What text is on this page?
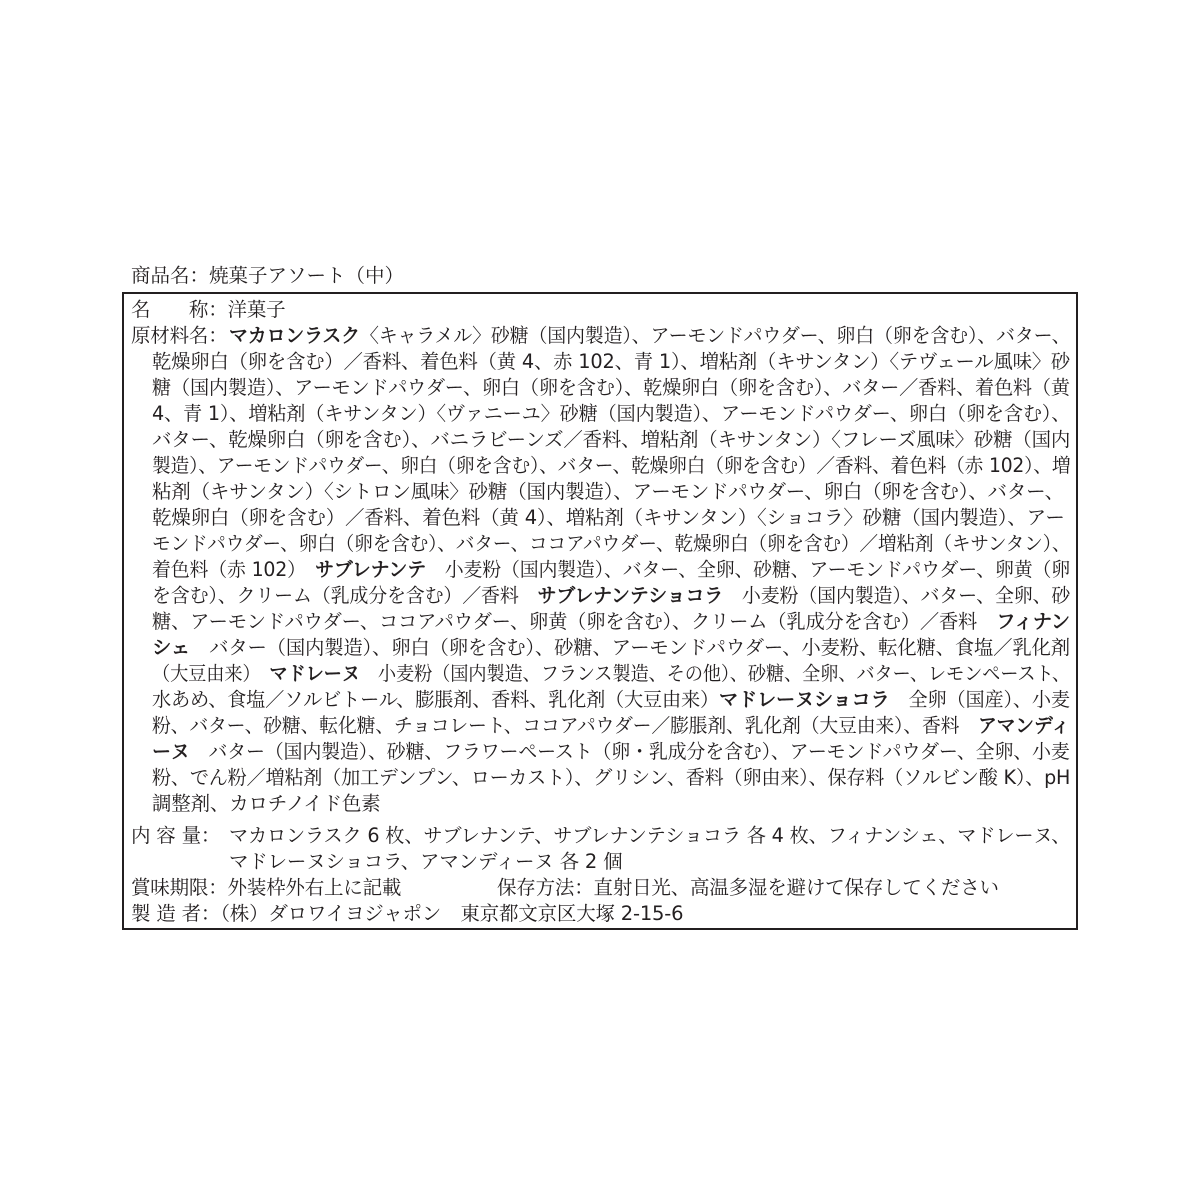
商品名：焼菓子アソート（中）
名　　称：洋菓子
原材料名： マカロンラスク〈キャラメル〉砂糖（国内製造）、アーモンドパウダー、卵白（卵を含む）、バター、
乾燥卵白（卵を含む）／香料、着色料（黄 4、赤 102、青 1）、増粘剤（キサンタン）〈テヴェール風味〉砂
糖（国内製造）、アーモンドパウダー、卵白（卵を含む）、乾燥卵白（卵を含む）、バター／香料、着色料（黄
4、青 1）、増粘剤（キサンタン）〈ヴァニーユ〉砂糖（国内製造）、アーモンドパウダー、卵白（卵を含む）、
バター、乾燥卵白（卵を含む）、バニラビーンズ／香料、増粘剤（キサンタン）〈フレーズ風味〉砂糖（国内
製造）、アーモンドパウダー、卵白（卵を含む）、バター、乾燥卵白（卵を含む）／香料、着色料（赤 102）、増
粘剤（キサンタン）〈シトロン風味〉砂糖（国内製造）、アーモンドパウダー、卵白（卵を含む）、バター、
乾燥卵白（卵を含む）／香料、着色料（黄 4）、増粘剤（キサンタン）〈ショコラ〉砂糖（国内製造）、アー
モンドパウダー、卵白（卵を含む）、バター、ココアパウダー、乾燥卵白（卵を含む）／増粘剤（キサンタン）、
着色料（赤 102）　サブレナンテ　小麦粉（国内製造）、バター、全卵、砂糖、アーモンドパウダー、卵黄（卵
を含む）、クリーム（乳成分を含む）／香料　サブレナンテショコラ　小麦粉（国内製造）、バター、全卵、砂
糖、アーモンドパウダー、ココアパウダー、卵黄（卵を含む）、クリーム（乳成分を含む）／香料　フィナン
シェ　バター（国内製造）、卵白（卵を含む）、砂糖、アーモンドパウダー、小麦粉、転化糖、食塩／乳化剤
（大豆由来）　マドレーヌ　小麦粉（国内製造、フランス製造、その他）、砂糖、全卵、バター、レモンペースト、
水あめ、食塩／ソルビトール、膨脹剤、香料、乳化剤（大豆由来）マドレーヌショコラ　全卵（国産）、小麦
粉、バター、砂糖、転化糖、チョコレート、ココアパウダー／膨脹剤、乳化剤（大豆由来）、香料　アマンディ
ーヌ　バター（国内製造）、砂糖、フラワーペースト（卵・乳成分を含む）、アーモンドパウダー、全卵、小麦
粉、でん粉／増粘剤（加工デンプン、ローカスト）、グリシン、香料（卵由来）、保存料（ソルビン酸 K）、pH
調整剤、カロチノイド色素
内 容 量： マカロンラスク 6 枚、サブレナンテ、サブレナンテショコラ 各 4 枚、フィナンシェ、マドレーヌ、
マドレーヌショコラ、アマンディーヌ 各 2 個
賞味期限：外装枠外右上に記載	保存方法：直射日光、高温多湿を避けて保存してください
製 造 者：（株）ダロワイヨジャポン　東京都文京区大塚 2-15-6
